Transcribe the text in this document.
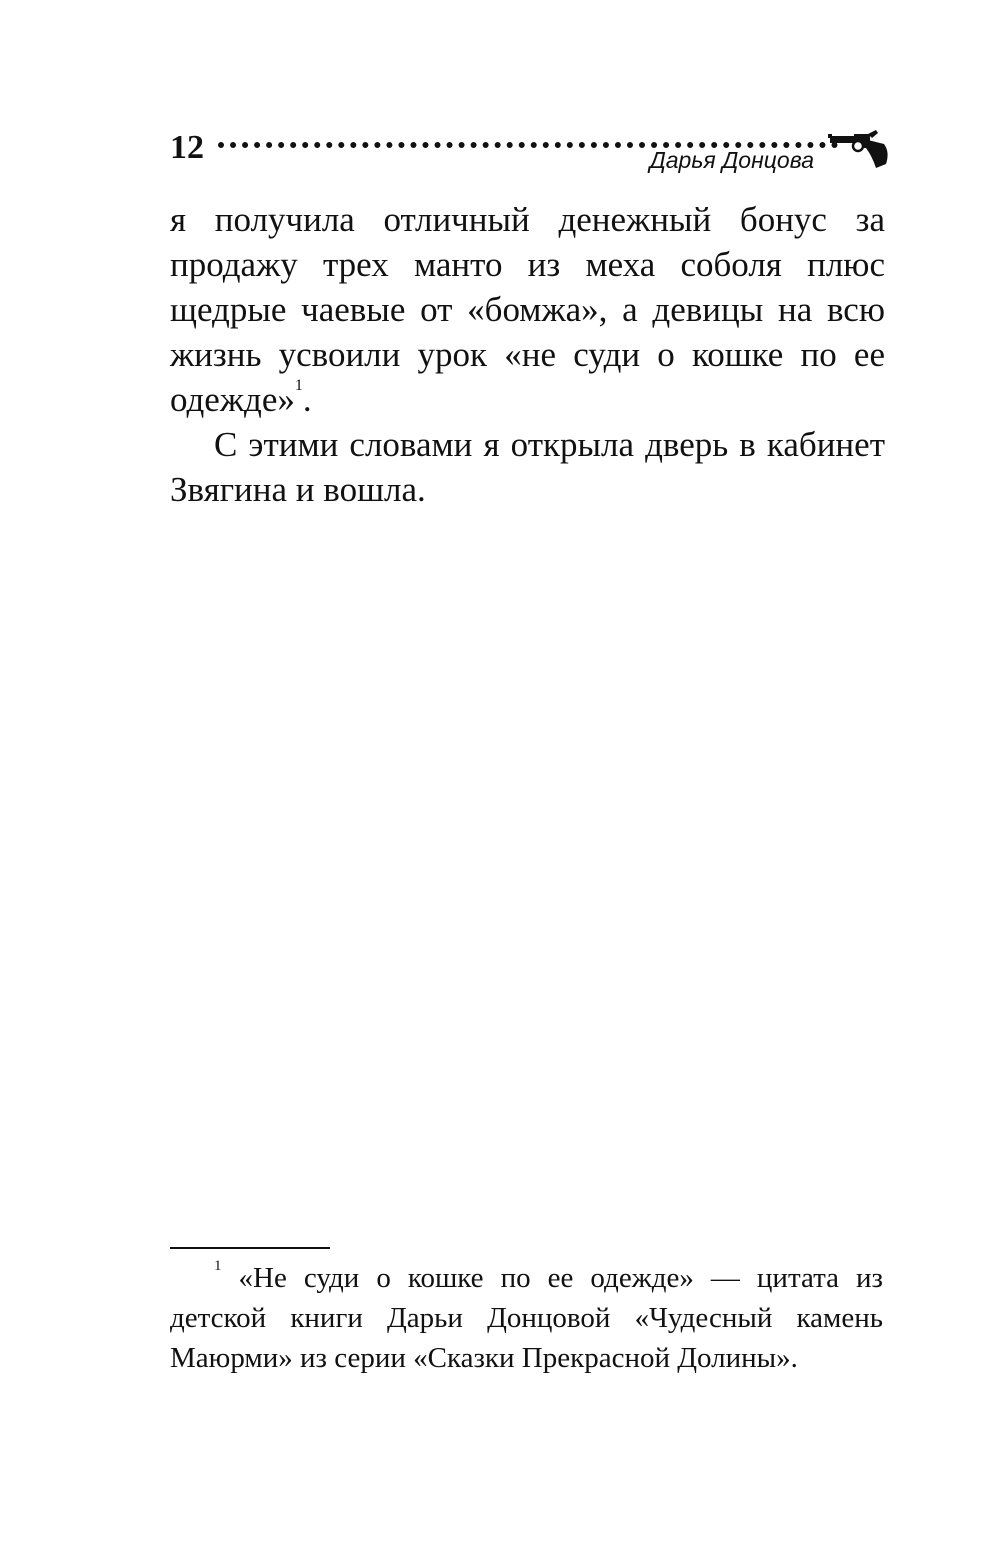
12	Дарья Донцова

я получила отличный денежный бонус за продажу трех манто из меха соболя плюс щедрые чаевые от «бомжа», а девицы на всю жизнь усвоили урок «не суди о кошке по ее одежде»$^1$.

С этими словами я открыла дверь в кабинет Звягина и вошла.

$^1$ «Не суди о кошке по ее одежде» — цитата из детской книги Дарьи Донцовой «Чудесный камень Маюрми» из серии «Сказки Прекрасной Долины».
